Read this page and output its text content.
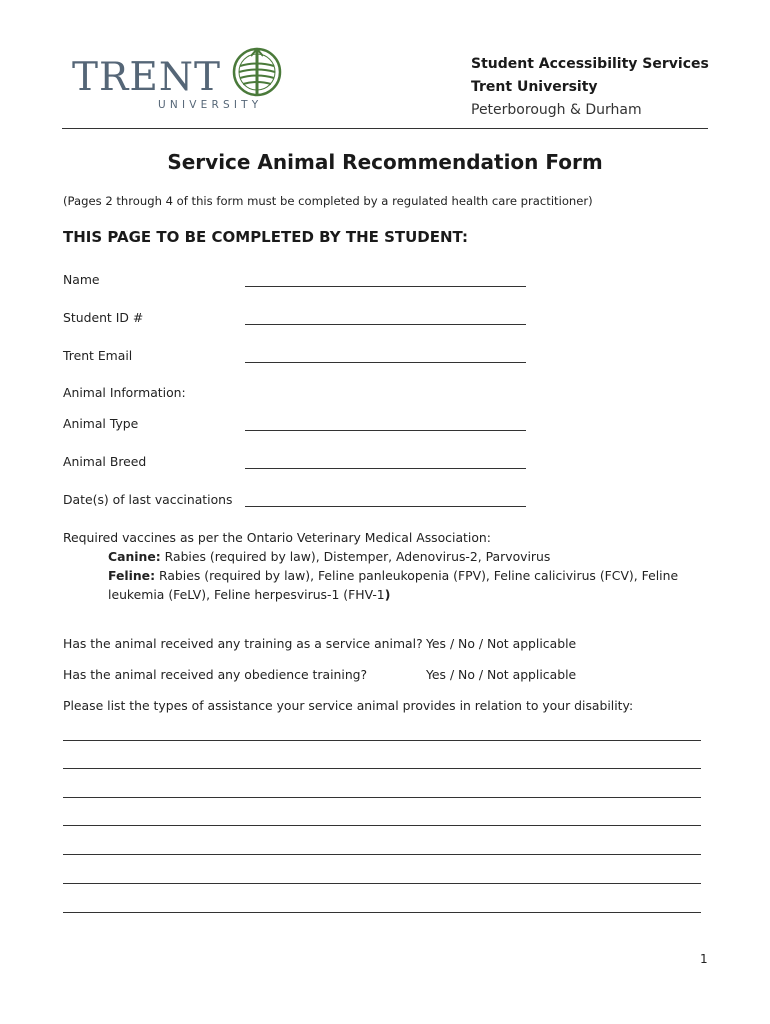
TRENT
UNIVERSITY
Student Accessibility Services
Trent University
Peterborough & Durham
Service Animal Recommendation Form
(Pages 2 through 4 of this form must be completed by a regulated health care practitioner)
THIS PAGE TO BE COMPLETED BY THE STUDENT:
Name
Student ID #
Trent Email
Animal Information:
Animal Type
Animal Breed
Date(s) of last vaccinations
Required vaccines as per the Ontario Veterinary Medical Association:
Canine: Rabies (required by law), Distemper, Adenovirus-2, Parvovirus
Feline: Rabies (required by law), Feline panleukopenia (FPV), Feline calicivirus (FCV), Feline
leukemia (FeLV), Feline herpesvirus-1 (FHV-1)
Has the animal received any training as a service animal? Yes / No / Not applicable
Has the animal received any obedience training?	Yes / No / Not applicable
Please list the types of assistance your service animal provides in relation to your disability:
1
